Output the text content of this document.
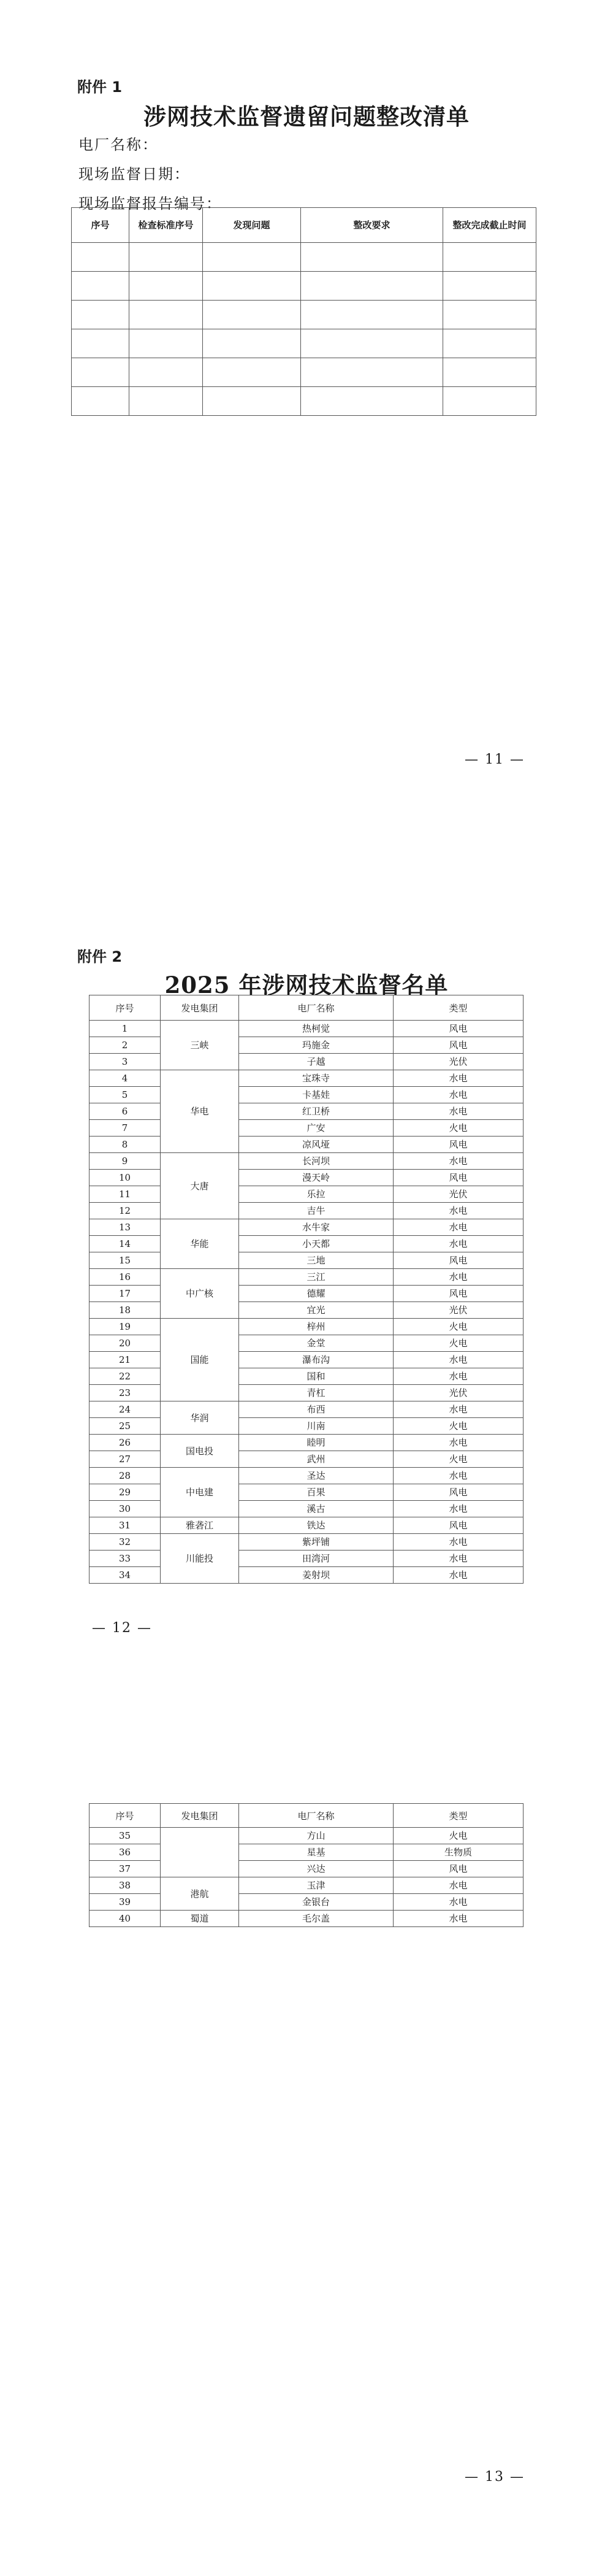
附件 1
涉网技术监督遗留问题整改清单
电厂名称：
现场监督日期：
现场监督报告编号：
序号	检查标准序号	发现问题	整改要求	整改完成截止时间

— 11 —
附件 2
2025 年涉网技术监督名单
序号	发电集团	电厂名称	类型
1	三峡	热柯觉	风电
2		玛施金	风电
3		子越	光伏
4	华电	宝珠寺	水电
5		卡基娃	水电
6		红卫桥	水电
7		广安	火电
8		凉风垭	风电
9	大唐	长河坝	水电
10		漫天岭	风电
11		乐拉	光伏
12		吉牛	水电
13	华能	水牛家	水电
14		小天都	水电
15		三地	风电
16	中广核	三江	水电
17		德耀	风电
18		宜光	光伏
19	国能	梓州	火电
20		金堂	火电
21		瀑布沟	水电
22		国和	水电
23		青杠	光伏
24	华润	布西	水电
25		川南	火电
26	国电投	睦明	水电
27		武州	火电
28	中电建	圣达	水电
29		百果	风电
30		溪古	水电
31	雅砻江	铁达	风电
32	川能投	紫坪铺	水电
33		田湾河	水电
34		姜射坝	水电
— 12 —
序号	发电集团	电厂名称	类型
35		方山	火电
36		星基	生物质
37		兴达	风电
38	港航	玉津	水电
39		金银台	水电
40	蜀道	毛尔盖	水电
— 13 —
